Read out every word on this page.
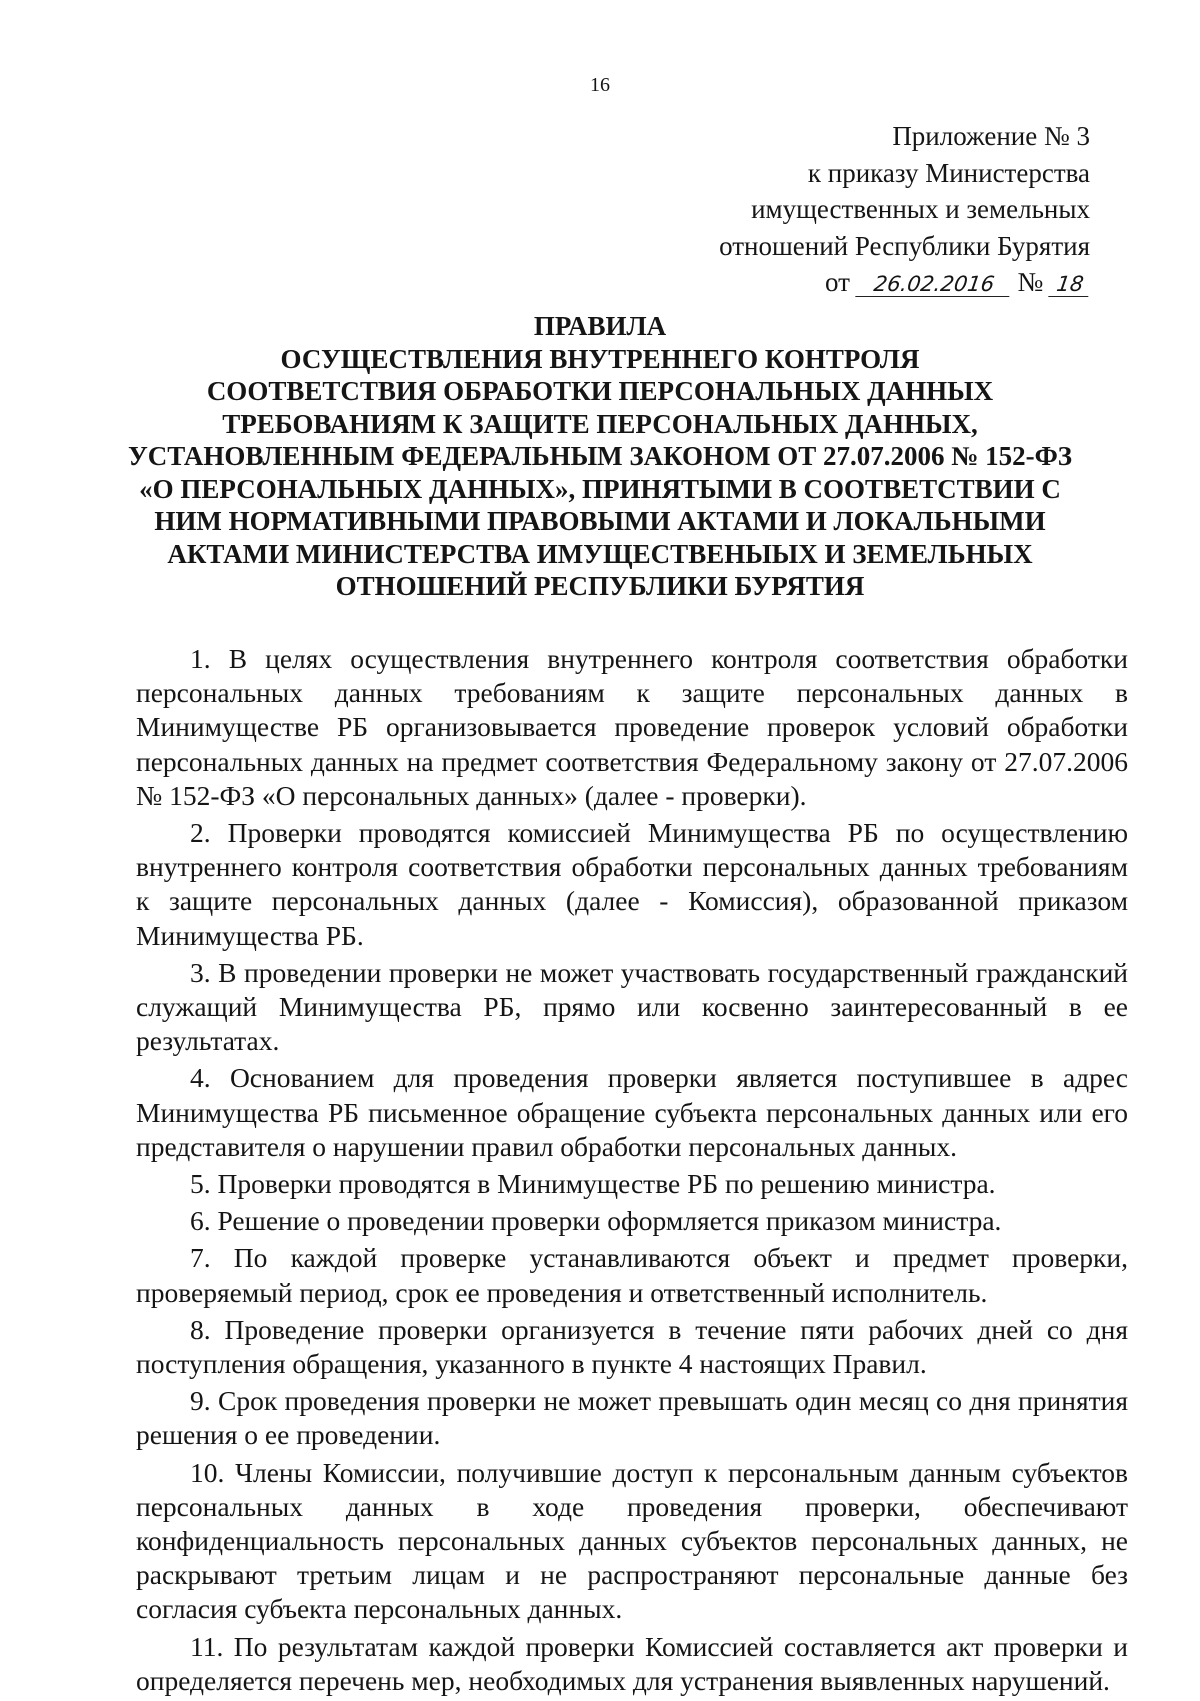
16
Приложение № 3
к приказу Министерства
имущественных и земельных
отношений Республики Бурятия
от 26.02.2016 № 18
ПРАВИЛА
ОСУЩЕСТВЛЕНИЯ ВНУТРЕННЕГО КОНТРОЛЯ
СООТВЕТСТВИЯ ОБРАБОТКИ ПЕРСОНАЛЬНЫХ ДАННЫХ
ТРЕБОВАНИЯМ К ЗАЩИТЕ ПЕРСОНАЛЬНЫХ ДАННЫХ,
УСТАНОВЛЕННЫМ ФЕДЕРАЛЬНЫМ ЗАКОНОМ ОТ 27.07.2006 № 152-ФЗ
«О ПЕРСОНАЛЬНЫХ ДАННЫХ», ПРИНЯТЫМИ В СООТВЕТСТВИИ С
НИМ НОРМАТИВНЫМИ ПРАВОВЫМИ АКТАМИ И ЛОКАЛЬНЫМИ
АКТАМИ МИНИСТЕРСТВА ИМУЩЕСТВЕНЫЫХ И ЗЕМЕЛЬНЫХ
ОТНОШЕНИЙ РЕСПУБЛИКИ БУРЯТИЯ

1. В целях осуществления внутреннего контроля соответствия обработки
персональных данных требованиям к защите персональных данных в
Минимуществе РБ организовывается проведение проверок условий обработки
персональных данных на предмет соответствия Федеральному закону от 27.07.2006
№ 152-ФЗ «О персональных данных» (далее - проверки).

2. Проверки проводятся комиссией Минимущества РБ по осуществлению
внутреннего контроля соответствия обработки персональных данных требованиям
к защите персональных данных (далее - Комиссия), образованной приказом
Минимущества РБ.

3. В проведении проверки не может участвовать государственный гражданский
служащий Минимущества РБ, прямо или косвенно заинтересованный в ее
результатах.

4. Основанием для проведения проверки является поступившее в адрес
Минимущества РБ письменное обращение субъекта персональных данных или его
представителя о нарушении правил обработки персональных данных.

5. Проверки проводятся в Минимуществе РБ по решению министра.

6. Решение о проведении проверки оформляется приказом министра.

7. По каждой проверке устанавливаются объект и предмет проверки,
проверяемый период, срок ее проведения и ответственный исполнитель.

8. Проведение проверки организуется в течение пяти рабочих дней со дня
поступления обращения, указанного в пункте 4 настоящих Правил.

9. Срок проведения проверки не может превышать один месяц со дня принятия
решения о ее проведении.

10. Члены Комиссии, получившие доступ к персональным данным субъектов
персональных данных в ходе проведения проверки, обеспечивают
конфиденциальность персональных данных субъектов персональных данных, не
раскрывают третьим лицам и не распространяют персональные данные без
согласия субъекта персональных данных.

11. По результатам каждой проверки Комиссией составляется акт проверки и
определяется перечень мер, необходимых для устранения выявленных нарушений.
